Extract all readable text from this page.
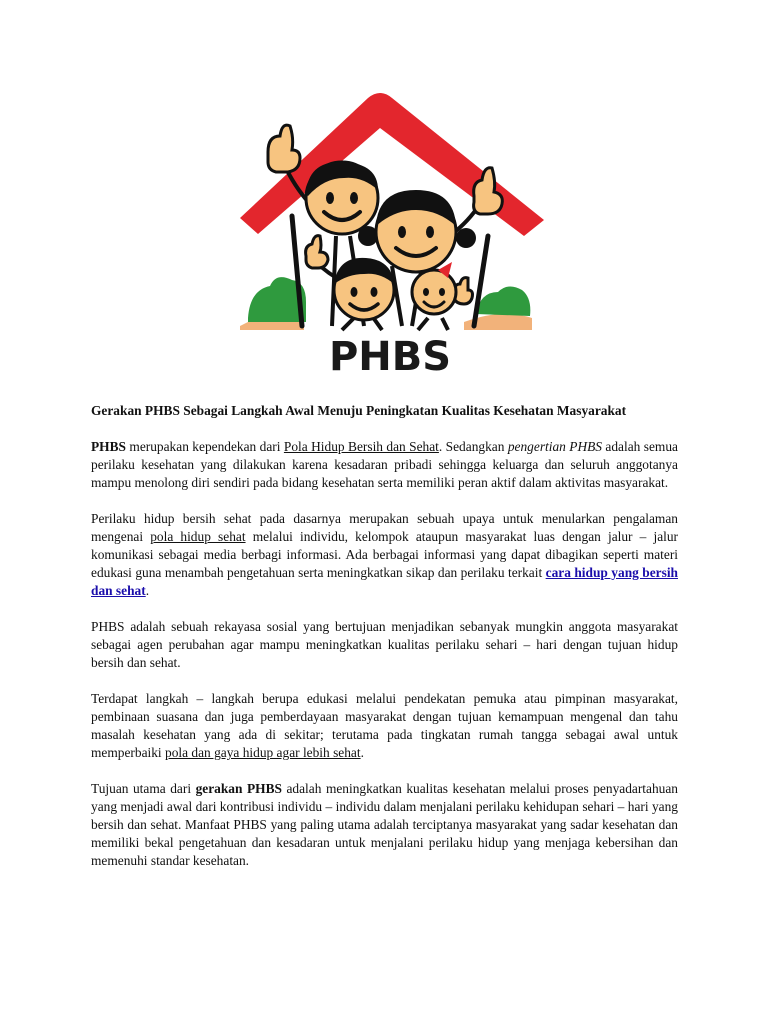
PHBS

Gerakan PHBS Sebagai Langkah Awal Menuju Peningkatan Kualitas Kesehatan Masyarakat

PHBS merupakan kependekan dari Pola Hidup Bersih dan Sehat. Sedangkan pengertian PHBS adalah semua perilaku kesehatan yang dilakukan karena kesadaran pribadi sehingga keluarga dan seluruh anggotanya mampu menolong diri sendiri pada bidang kesehatan serta memiliki peran aktif dalam aktivitas masyarakat.

Perilaku hidup bersih sehat pada dasarnya merupakan sebuah upaya untuk menularkan pengalaman mengenai pola hidup sehat melalui individu, kelompok ataupun masyarakat luas dengan jalur – jalur komunikasi sebagai media berbagi informasi. Ada berbagai informasi yang dapat dibagikan seperti materi edukasi guna menambah pengetahuan serta meningkatkan sikap dan perilaku terkait cara hidup yang bersih dan sehat.

PHBS adalah sebuah rekayasa sosial yang bertujuan menjadikan sebanyak mungkin anggota masyarakat sebagai agen perubahan agar mampu meningkatkan kualitas perilaku sehari – hari dengan tujuan hidup bersih dan sehat.

Terdapat langkah – langkah berupa edukasi melalui pendekatan pemuka atau pimpinan masyarakat, pembinaan suasana dan juga pemberdayaan masyarakat dengan tujuan kemampuan mengenal dan tahu masalah kesehatan yang ada di sekitar; terutama pada tingkatan rumah tangga sebagai awal untuk memperbaiki pola dan gaya hidup agar lebih sehat.

Tujuan utama dari gerakan PHBS adalah meningkatkan kualitas kesehatan melalui proses penyadartahuan yang menjadi awal dari kontribusi individu – individu dalam menjalani perilaku kehidupan sehari – hari yang bersih dan sehat. Manfaat PHBS yang paling utama adalah terciptanya masyarakat yang sadar kesehatan dan memiliki bekal pengetahuan dan kesadaran untuk menjalani perilaku hidup yang menjaga kebersihan dan memenuhi standar kesehatan.
